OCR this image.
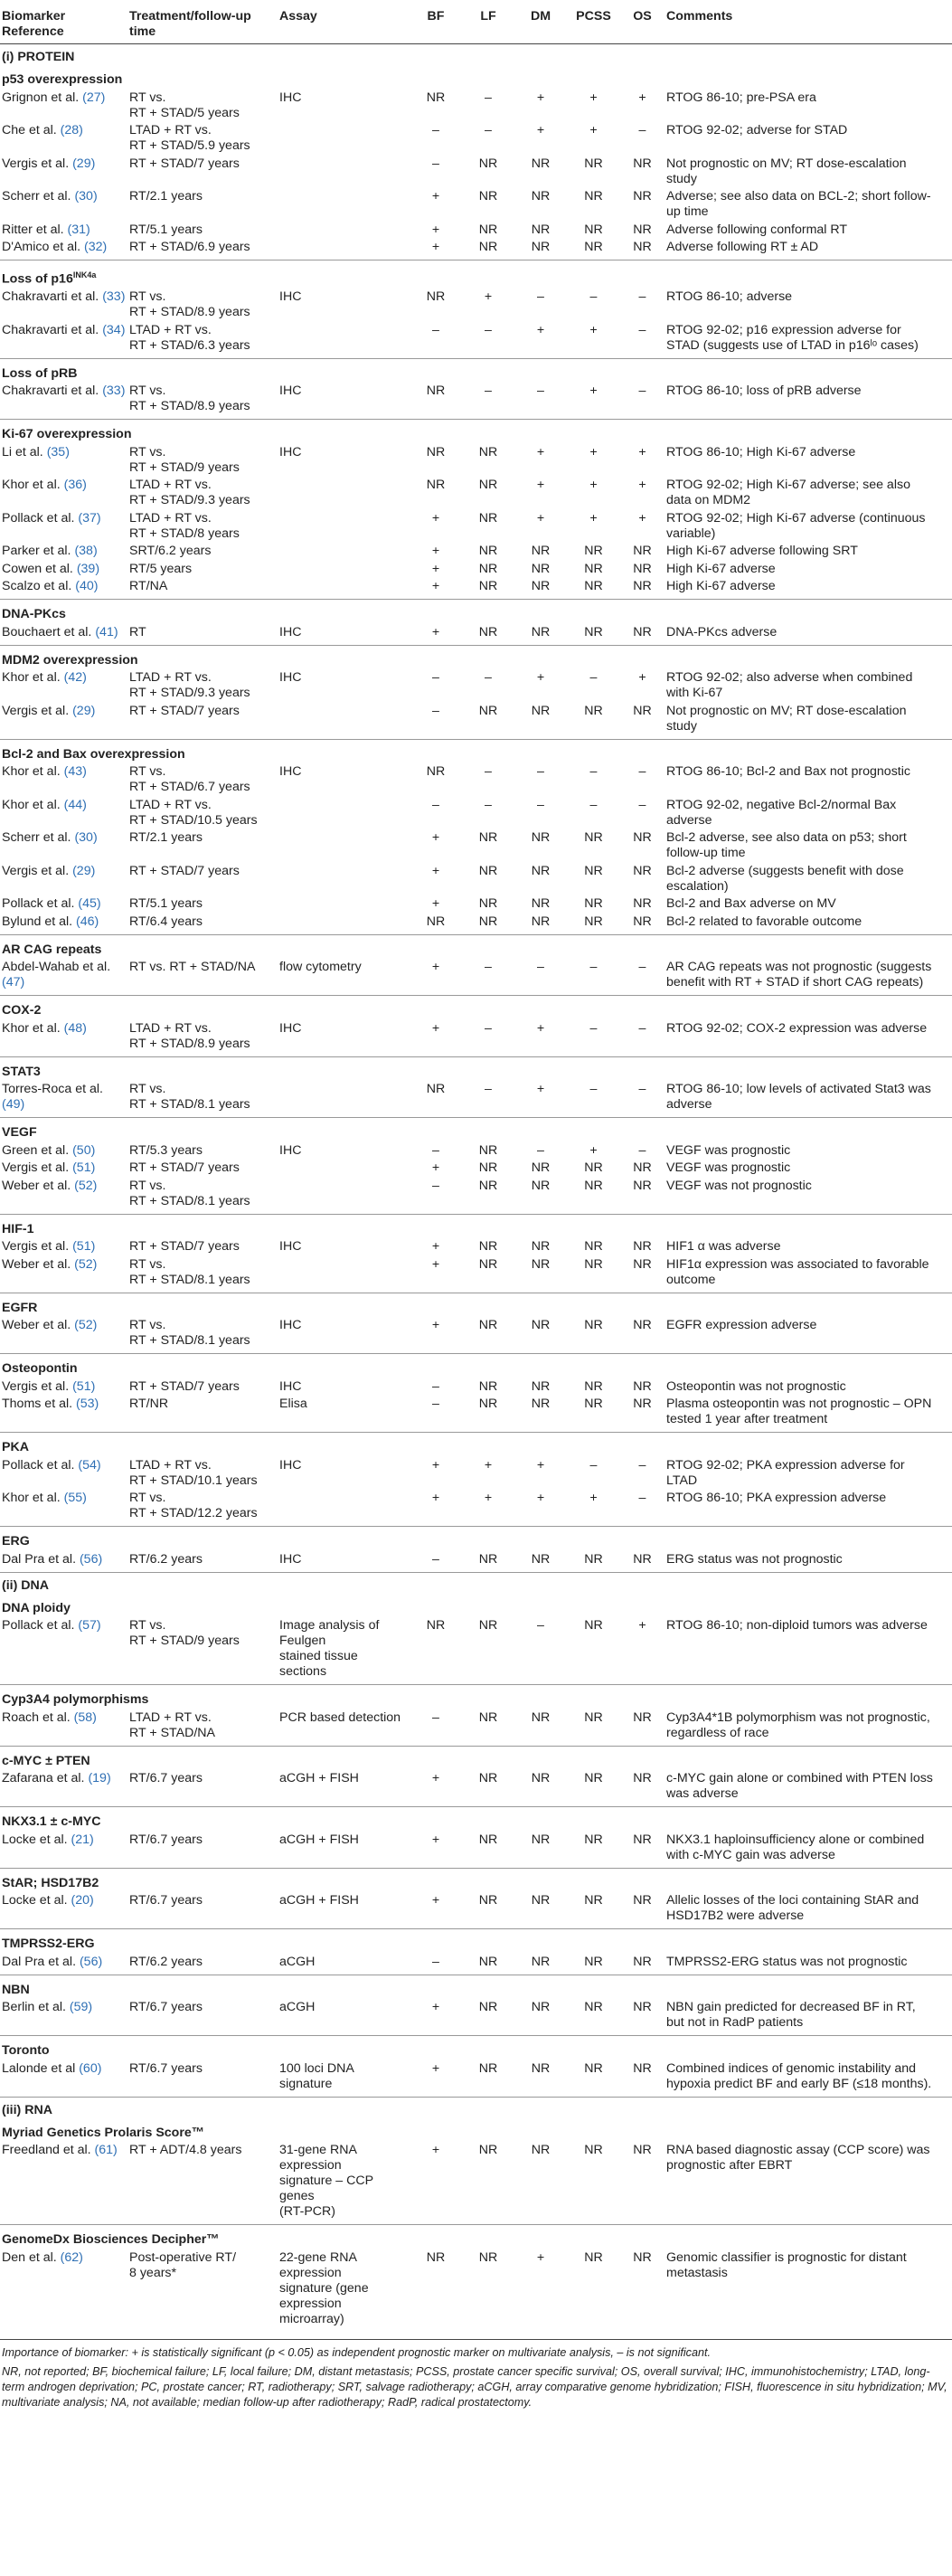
Biomarker
Reference	Treatment/follow-up
time	Assay	BF	LF	DM	PCSS	OS	Comments
(i) PROTEIN								
p53 overexpression								
Grignon et al. (27)	RT vs.
RT + STAD/5 years	IHC	NR	–	+	+	+	RTOG 86-10; pre-PSA era
Che et al. (28)	LTAD + RT vs.
RT + STAD/5.9 years		–	–	+	+	–	RTOG 92-02; adverse for STAD
Vergis et al. (29)	RT + STAD/7 years		–	NR	NR	NR	NR	Not prognostic on MV; RT dose-escalation
study
Scherr et al. (30)	RT/2.1 years		+	NR	NR	NR	NR	Adverse; see also data on BCL-2; short follow-
up time
Ritter et al. (31)	RT/5.1 years		+	NR	NR	NR	NR	Adverse following conformal RT
D'Amico et al. (32)	RT + STAD/6.9 years		+	NR	NR	NR	NR	Adverse following RT ± AD
Loss of $p16^{INK4a}$
Chakravarti et al. (33)	RT vs.
RT + STAD/8.9 years	IHC	NR	+	–	–	–	RTOG 86-10; adverse
Chakravarti et al. (34)	LTAD + RT vs.
RT + STAD/6.3 years		–	–	+	+	–	RTOG 92-02; p16 expression adverse for
STAD (suggests use of LTAD in p16ˡᵒ cases)
Loss of pRB								
Chakravarti et al. (33)	RT vs.
RT + STAD/8.9 years	IHC	NR	–	–	+	–	RTOG 86-10; loss of pRB adverse
Ki-67 overexpression								
Li et al. (35)	RT vs.
RT + STAD/9 years	IHC	NR	NR	+	+	+	RTOG 86-10; High Ki-67 adverse
Khor et al. (36)	LTAD + RT vs.
RT + STAD/9.3 years		NR	NR	+	+	+	RTOG 92-02; High Ki-67 adverse; see also
data on MDM2
Pollack et al. (37)	LTAD + RT vs.
RT + STAD/8 years		+	NR	+	+	+	RTOG 92-02; High Ki-67 adverse (continuous
variable)
Parker et al. (38)	SRT/6.2 years		+	NR	NR	NR	NR	High Ki-67 adverse following SRT
Cowen et al. (39)	RT/5 years		+	NR	NR	NR	NR	High Ki-67 adverse
Scalzo et al. (40)	RT/NA		+	NR	NR	NR	NR	High Ki-67 adverse
DNA-PKcs								
Bouchaert et al. (41)	RT	IHC	+	NR	NR	NR	NR	DNA-PKcs adverse
MDM2 overexpression								
Khor et al. (42)	LTAD + RT vs.
RT + STAD/9.3 years	IHC	–	–	+	–	+	RTOG 92-02; also adverse when combined
with Ki-67
Vergis et al. (29)	RT + STAD/7 years		–	NR	NR	NR	NR	Not prognostic on MV; RT dose-escalation
study
Bcl-2 and Bax overexpression								
Khor et al. (43)	RT vs.
RT + STAD/6.7 years	IHC	NR	–	–	–	–	RTOG 86-10; Bcl-2 and Bax not prognostic
Khor et al. (44)	LTAD + RT vs.
RT + STAD/10.5 years		–	–	–	–	–	RTOG 92-02, negative Bcl-2/normal Bax
adverse
Scherr et al. (30)	RT/2.1 years		+	NR	NR	NR	NR	Bcl-2 adverse, see also data on p53; short
follow-up time
Vergis et al. (29)	RT + STAD/7 years		+	NR	NR	NR	NR	Bcl-2 adverse (suggests benefit with dose
escalation)
Pollack et al. (45)	RT/5.1 years		+	NR	NR	NR	NR	Bcl-2 and Bax adverse on MV
Bylund et al. (46)	RT/6.4 years		NR	NR	NR	NR	NR	Bcl-2 related to favorable outcome
AR CAG repeats								
Abdel-Wahab et al.
(47)	RT vs. RT + STAD/NA	flow cytometry	+	–	–	–	–	AR CAG repeats was not prognostic (suggests
benefit with RT + STAD if short CAG repeats)
COX-2								
Khor et al. (48)	LTAD + RT vs.
RT + STAD/8.9 years	IHC	+	–	+	–	–	RTOG 92-02; COX-2 expression was adverse
STAT3								
Torres-Roca et al.
(49)	RT vs.
RT + STAD/8.1 years		NR	–	+	–	–	RTOG 86-10; low levels of activated Stat3 was
adverse
VEGF								
Green et al. (50)	RT/5.3 years	IHC	–	NR	–	+	–	VEGF was prognostic
Vergis et al. (51)	RT + STAD/7 years		+	NR	NR	NR	NR	VEGF was prognostic
Weber et al. (52)	RT vs.
RT + STAD/8.1 years		–	NR	NR	NR	NR	VEGF was not prognostic
HIF-1								
Vergis et al. (51)	RT + STAD/7 years	IHC	+	NR	NR	NR	NR	HIF1 α was adverse
Weber et al. (52)	RT vs.
RT + STAD/8.1 years		+	NR	NR	NR	NR	HIF1α expression was associated to favorable
outcome
EGFR								
Weber et al. (52)	RT vs.
RT + STAD/8.1 years	IHC	+	NR	NR	NR	NR	EGFR expression adverse
Osteopontin								
Vergis et al. (51)	RT + STAD/7 years	IHC	–	NR	NR	NR	NR	Osteopontin was not prognostic
Thoms et al. (53)	RT/NR	Elisa	–	NR	NR	NR	NR	Plasma osteopontin was not prognostic – OPN
tested 1 year after treatment
PKA								
Pollack et al. (54)	LTAD + RT vs.
RT + STAD/10.1 years	IHC	+	+	+	–	–	RTOG 92-02; PKA expression adverse for
LTAD
Khor et al. (55)	RT vs.
RT + STAD/12.2 years		+	+	+	+	–	RTOG 86-10; PKA expression adverse
ERG								
Dal Pra et al. (56)	RT/6.2 years	IHC	–	NR	NR	NR	NR	ERG status was not prognostic
(ii) DNA								
DNA ploidy								
Pollack et al. (57)	RT vs.
RT + STAD/9 years	Image analysis of Feulgen
stained tissue sections	NR	NR	–	NR	+	RTOG 86-10; non-diploid tumors was adverse
Cyp3A4 polymorphisms								
Roach et al. (58)	LTAD + RT vs.
RT + STAD/NA	PCR based detection	–	NR	NR	NR	NR	Cyp3A4*1B polymorphism was not prognostic,
regardless of race
c-MYC ± PTEN								
Zafarana et al. (19)	RT/6.7 years	aCGH + FISH	+	NR	NR	NR	NR	c-MYC gain alone or combined with PTEN loss
was adverse
NKX3.1 ± c-MYC								
Locke et al. (21)	RT/6.7 years	aCGH + FISH	+	NR	NR	NR	NR	NKX3.1 haploinsufficiency alone or combined
with c-MYC gain was adverse
StAR; HSD17B2								
Locke et al. (20)	RT/6.7 years	aCGH + FISH	+	NR	NR	NR	NR	Allelic losses of the loci containing StAR and
HSD17B2 were adverse
TMPRSS2-ERG								
Dal Pra et al. (56)	RT/6.2 years	aCGH	–	NR	NR	NR	NR	TMPRSS2-ERG status was not prognostic
NBN								
Berlin et al. (59)	RT/6.7 years	aCGH	+	NR	NR	NR	NR	NBN gain predicted for decreased BF in RT,
but not in RadP patients
Toronto								
Lalonde et al (60)	RT/6.7 years	100 loci DNA signature	+	NR	NR	NR	NR	Combined indices of genomic instability and
hypoxia predict BF and early BF (≤18 months).
(iii) RNA								
Myriad Genetics Prolaris Score™								
Freedland et al. (61)	RT + ADT/4.8 years	31-gene RNA expression
signature – CCP genes
(RT-PCR)	+	NR	NR	NR	NR	RNA based diagnostic assay (CCP score) was
prognostic after EBRT
GenomeDx Biosciences Decipher™								
Den et al. (62)	Post-operative RT/
8 years*	22-gene RNA expression
signature (gene
expression microarray)	NR	NR	+	NR	NR	Genomic classifier is prognostic for distant
metastasis

Importance of biomarker: + is statistically significant (p < 0.05) as independent prognostic marker on multivariate analysis, – is not significant.

NR, not reported; BF, biochemical failure; LF, local failure; DM, distant metastasis; PCSS, prostate cancer specific survival; OS, overall survival; IHC, immunohistochemistry; LTAD, long-term androgen deprivation; PC, prostate cancer; RT, radiotherapy; SRT, salvage radiotherapy; aCGH, array comparative genome hybridization; FISH, fluorescence in situ hybridization; MV, multivariate analysis; NA, not available; median follow-up after radiotherapy; RadP, radical prostatectomy.
